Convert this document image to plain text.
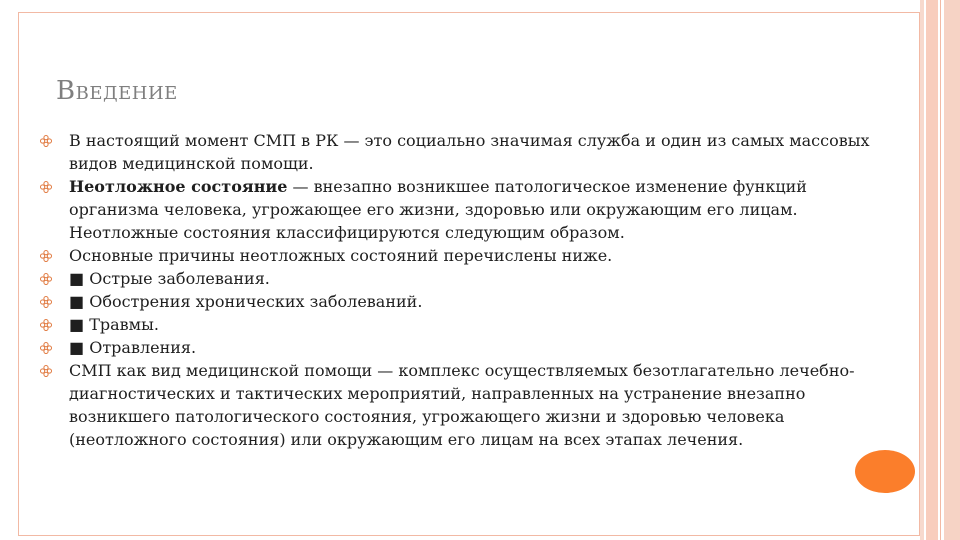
Введение
В настоящий момент СМП в РК — это социально значимая служба и один из самых массовых видов медицинской помощи.
Неотложное состояние — внезапно возникшее патологическое изменение функций организма человека, угрожающее его жизни, здоровью или окружающим его лицам. Неотложные состояния классифицируются следующим образом.
Основные причины неотложных состояний перечислены ниже.
■ Острые заболевания.
■ Обострения хронических заболеваний.
■ Травмы.
■ Отравления.
СМП как вид медицинской помощи — комплекс осуществляемых безотлагательно лечебно-диагностических и тактических мероприятий, направленных на устранение внезапно возникшего патологического состояния, угрожающего жизни и здоровью человека (неотложного состояния) или окружающим его лицам на всех этапах лечения.
